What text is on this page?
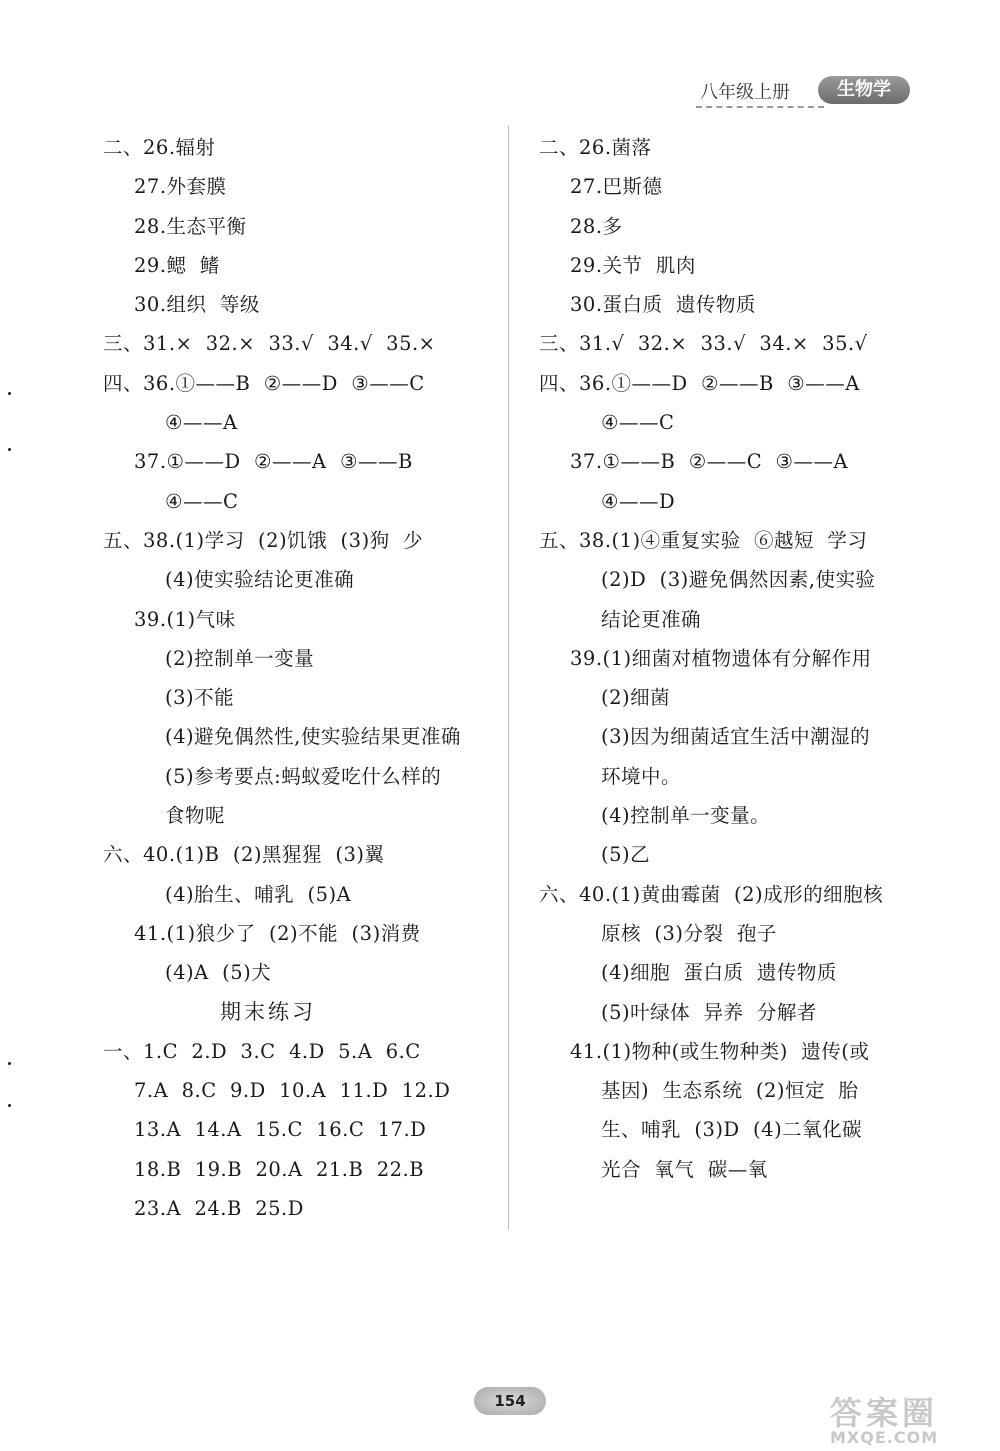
八年级上册	生物学
二、26.辐射
27.外套膜
28.生态平衡
29.鳃  鳍
30.组织  等级
三、31.×  32.×  33.√  34.√  35.×
四、36.①——B  ②——D  ③——C
④——A
37.①——D  ②——A  ③——B
④——C
五、38.(1)学习  (2)饥饿  (3)狗  少
(4)使实验结论更准确
39.(1)气味
(2)控制单一变量
(3)不能
(4)避免偶然性,使实验结果更准确
(5)参考要点:蚂蚁爱吃什么样的
食物呢
六、40.(1)B  (2)黑猩猩  (3)翼
(4)胎生、哺乳  (5)A
41.(1)狼少了  (2)不能  (3)消费
(4)A  (5)犬
期末练习
一、1.C  2.D  3.C  4.D  5.A  6.C
7.A  8.C  9.D  10.A  11.D  12.D
13.A  14.A  15.C  16.C  17.D
18.B  19.B  20.A  21.B  22.B
23.A  24.B  25.D
二、26.菌落
27.巴斯德
28.多
29.关节  肌肉
30.蛋白质  遗传物质
三、31.√  32.×  33.√  34.×  35.√
四、36.①——D  ②——B  ③——A
④——C
37.①——B  ②——C  ③——A
④——D
五、38.(1)④重复实验  ⑥越短  学习
(2)D  (3)避免偶然因素,使实验
结论更准确
39.(1)细菌对植物遗体有分解作用
(2)细菌
(3)因为细菌适宜生活中潮湿的
环境中。
(4)控制单一变量。
(5)乙
六、40.(1)黄曲霉菌  (2)成形的细胞核
原核  (3)分裂  孢子
(4)细胞  蛋白质  遗传物质
(5)叶绿体  异养  分解者
41.(1)物种(或生物种类)  遗传(或
基因)  生态系统  (2)恒定  胎
生、哺乳  (3)D  (4)二氧化碳
光合  氧气  碳—氧
154	答案圈
MXQE.COM
